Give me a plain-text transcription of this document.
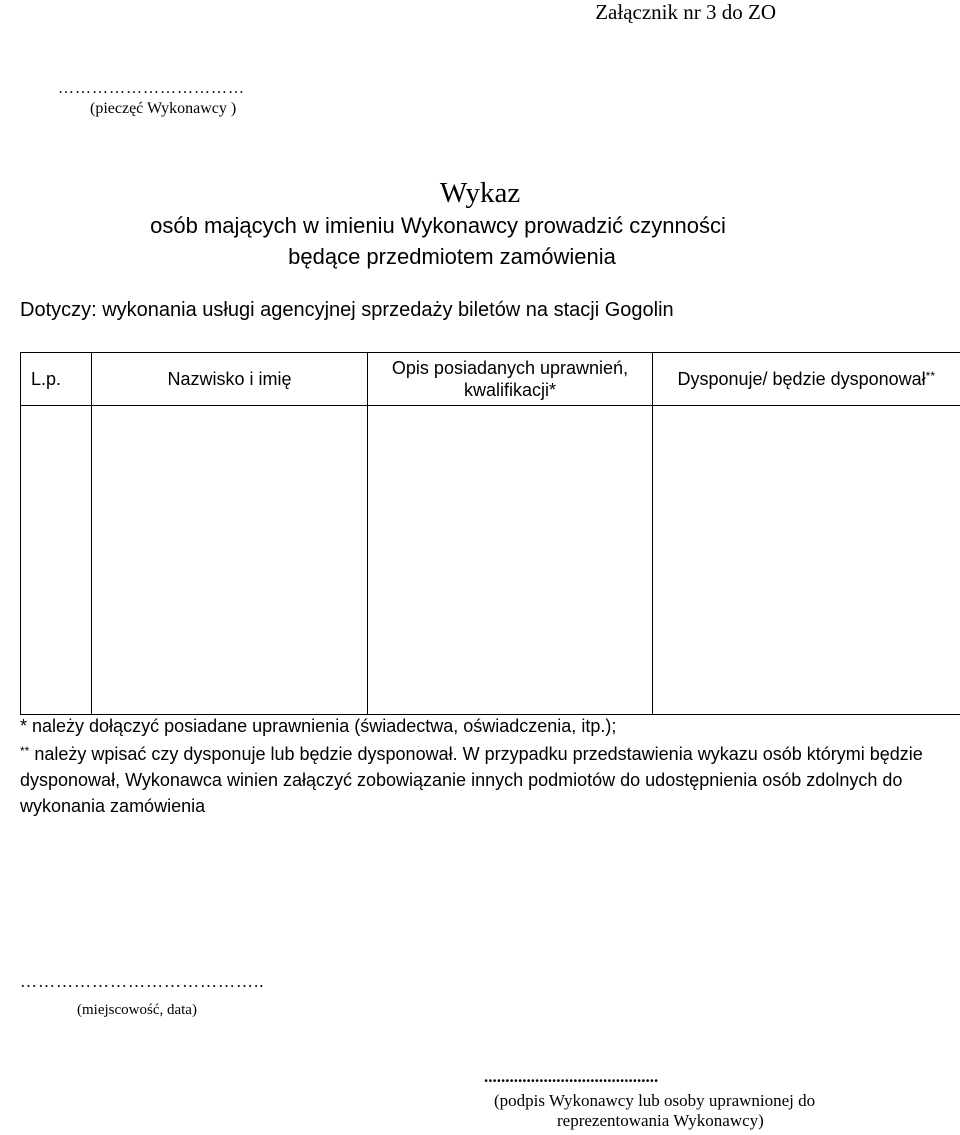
Załącznik nr 3 do ZO
……………………………
(pieczęć Wykonawcy )
Wykaz
osób mających w imieniu Wykonawcy prowadzić czynności
będące przedmiotem zamówienia
Dotyczy: wykonania usługi agencyjnej sprzedaży biletów na stacji Gogolin
L.p.	Nazwisko i imię	Opis posiadanych uprawnień, kwalifikacji*	Dysponuje/ będzie dysponował**

* należy dołączyć posiadane uprawnienia (świadectwa, oświadczenia, itp.);
** należy wpisać czy dysponuje lub będzie dysponował. W przypadku przedstawienia wykazu osób którymi będzie dysponował, Wykonawca winien załączyć zobowiązanie innych podmiotów do udostępnienia osób zdolnych do wykonania zamówienia
…………………………………..
(miejscowość, data)
.........................................
(podpis Wykonawcy lub osoby uprawnionej do
reprezentowania Wykonawcy)
